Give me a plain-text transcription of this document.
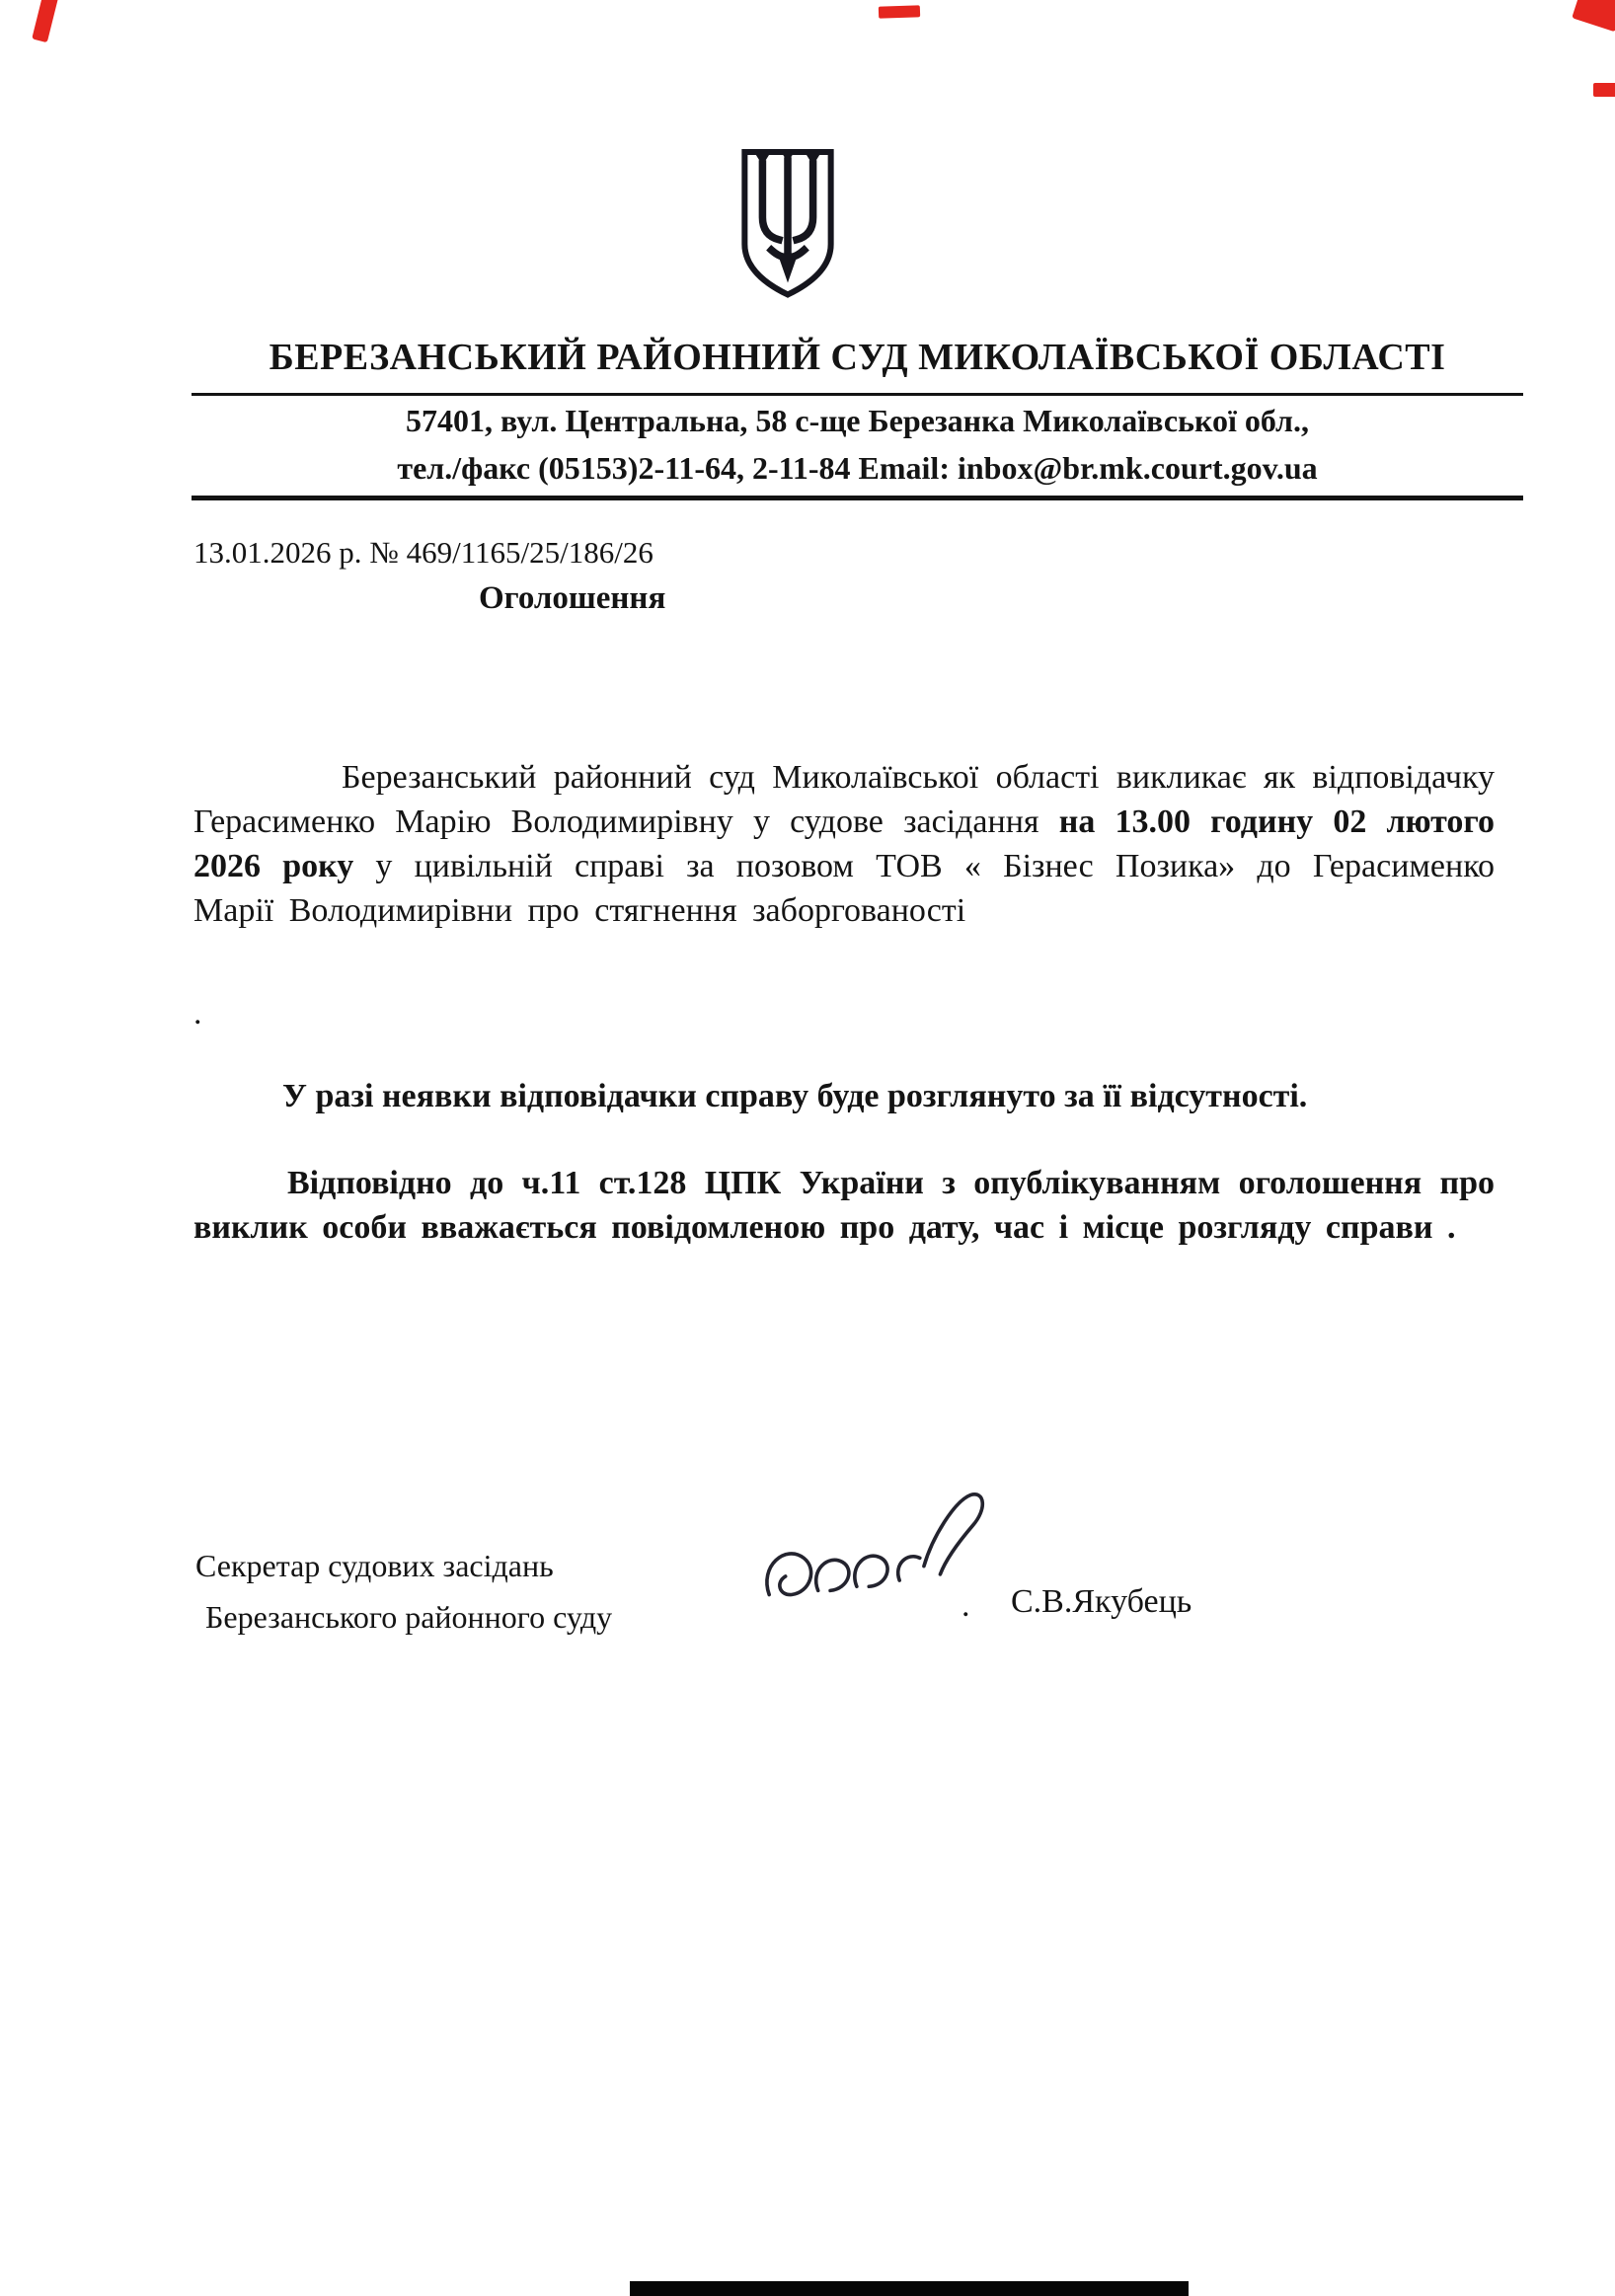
БЕРЕЗАНСЬКИЙ РАЙОННИЙ СУД МИКОЛАЇВСЬКОЇ ОБЛАСТІ

57401, вул. Центральна, 58 с-ще Березанка Миколаївської обл.,

тел./факс (05153)2-11-64, 2-11-84 Email: inbox@br.mk.court.gov.ua

13.01.2026 р. № 469/1165/25/186/26

Оголошення

Березанський районний суд Миколаївської області викликає як відповідачку Герасименко Марію Володимирівну у судове засідання на 13.00 годину 02 лютого 2026 року у цивільній справі за позовом ТОВ « Бізнес Позика» до Герасименко Марії Володимирівни про стягнення заборгованості

.

У разі неявки відповідачки справу буде розглянуто за її відсутності.

Відповідно до ч.11 ст.128 ЦПК України з опублікуванням оголошення про виклик особи вважається повідомленою про дату, час і місце розгляду справи .

Секретар судових засідань

Березанського районного суду	. С.В.Якубець
